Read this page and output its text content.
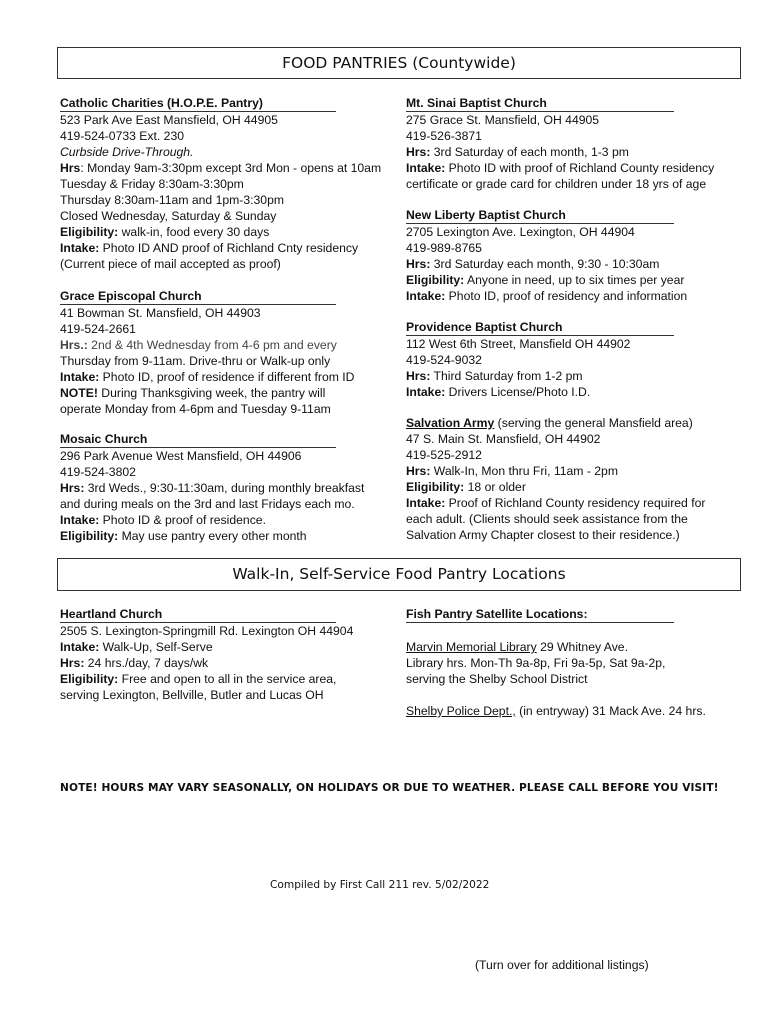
FOOD PANTRIES (Countywide)
Catholic Charities (H.O.P.E. Pantry)
523 Park Ave East Mansfield, OH 44905
419-524-0733 Ext. 230
Curbside Drive-Through.
Hrs: Monday 9am-3:30pm except 3rd Mon - opens at 10am
Tuesday & Friday 8:30am-3:30pm
Thursday 8:30am-11am and 1pm-3:30pm
Closed Wednesday, Saturday & Sunday
Eligibility: walk-in, food every 30 days
Intake: Photo ID AND proof of Richland Cnty residency
(Current piece of mail accepted as proof)
Grace Episcopal Church
41 Bowman St. Mansfield, OH 44903
419-524-2661
Hrs.: 2nd & 4th Wednesday from 4-6 pm and every
Thursday from 9-11am. Drive-thru or Walk-up only
Intake: Photo ID, proof of residence if different from ID
NOTE! During Thanksgiving week, the pantry will
operate Monday from 4-6pm and Tuesday 9-11am
Mosaic Church
296 Park Avenue West Mansfield, OH 44906
419-524-3802
Hrs: 3rd Weds., 9:30-11:30am, during monthly breakfast
and during meals on the 3rd and last Fridays each mo.
Intake: Photo ID & proof of residence.
Eligibility: May use pantry every other month
Heartland Church
2505 S. Lexington-Springmill Rd. Lexington OH 44904
Intake: Walk-Up, Self-Serve
Hrs: 24 hrs./day, 7 days/wk
Eligibility: Free and open to all in the service area,
serving Lexington, Bellville, Butler and Lucas OH
Mt. Sinai Baptist Church
275 Grace St. Mansfield, OH 44905
419-526-3871
Hrs: 3rd Saturday of each month, 1-3 pm
Intake: Photo ID with proof of Richland County residency
certificate or grade card for children under 18 yrs of age
New Liberty Baptist Church
2705 Lexington Ave. Lexington, OH 44904
419-989-8765
Hrs: 3rd Saturday each month, 9:30 - 10:30am
Eligibility: Anyone in need, up to six times per year
Intake: Photo ID, proof of residency and information
Providence Baptist Church
112 West 6th Street, Mansfield OH 44902
419-524-9032
Hrs: Third Saturday from 1-2 pm
Intake: Drivers License/Photo I.D.
Salvation Army (serving the general Mansfield area)
47 S. Main St. Mansfield, OH 44902
419-525-2912
Hrs: Walk-In, Mon thru Fri, 11am - 2pm
Eligibility: 18 or older
Intake: Proof of Richland County residency required for
each adult. (Clients should seek assistance from the
Salvation Army Chapter closest to their residence.)
Fish Pantry Satellite Locations:
Marvin Memorial Library 29 Whitney Ave.
Library hrs. Mon-Th 9a-8p, Fri 9a-5p, Sat 9a-2p,
serving the Shelby School District
Shelby Police Dept., (in entryway) 31 Mack Ave. 24 hrs.
Walk-In, Self-Service Food Pantry Locations
NOTE! HOURS MAY VARY SEASONALLY, ON HOLIDAYS OR DUE TO WEATHER. PLEASE CALL BEFORE YOU VISIT!
Compiled by First Call 211 rev. 5/02/2022
(Turn over for additional listings)
